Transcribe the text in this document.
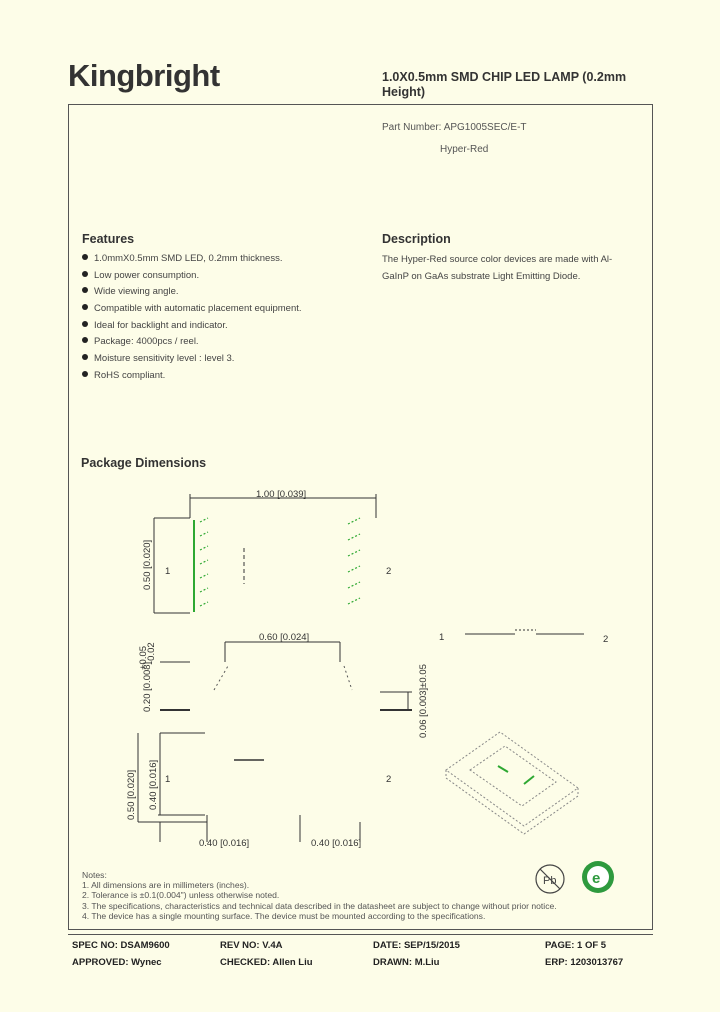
Kingbright	1.0X0.5mm SMD CHIP LED LAMP (0.2mm Height)
Part Number: APG1005SEC/E-T
Hyper-Red
Features
1.0mmX0.5mm SMD LED, 0.2mm thickness.
Low power consumption.
Wide viewing angle.
Compatible with automatic placement equipment.
Ideal for backlight and indicator.
Package: 4000pcs / reel.
Moisture sensitivity level : level 3.
RoHS compliant.
Description
The Hyper-Red source color devices are made with Al-GaInP on GaAs substrate Light Emitting Diode.
Package Dimensions
1.00 [0.039]
0.50 [0.020] 1	2
0.60 [0.024]
+0.05
-0.02
0.20 [0.008]	0.06 [0.003]±0.05
0.50 [0.020] 0.40 [0.016] 1	2
0.40 [0.016]	0.40 [0.016]
1	2
Pb e
Notes:
1. All dimensions are in millimeters (inches).
2. Tolerance is ±0.1(0.004") unless otherwise noted.
3. The specifications, characteristics and technical data described in the datasheet are subject to change without prior notice.
4. The device has a single mounting surface. The device must be mounted according to the specifications.
SPEC NO: DSAM9600	REV NO: V.4A	DATE: SEP/15/2015	PAGE: 1 OF 5
APPROVED: Wynec	CHECKED: Allen Liu	DRAWN: M.Liu	ERP: 1203013767
